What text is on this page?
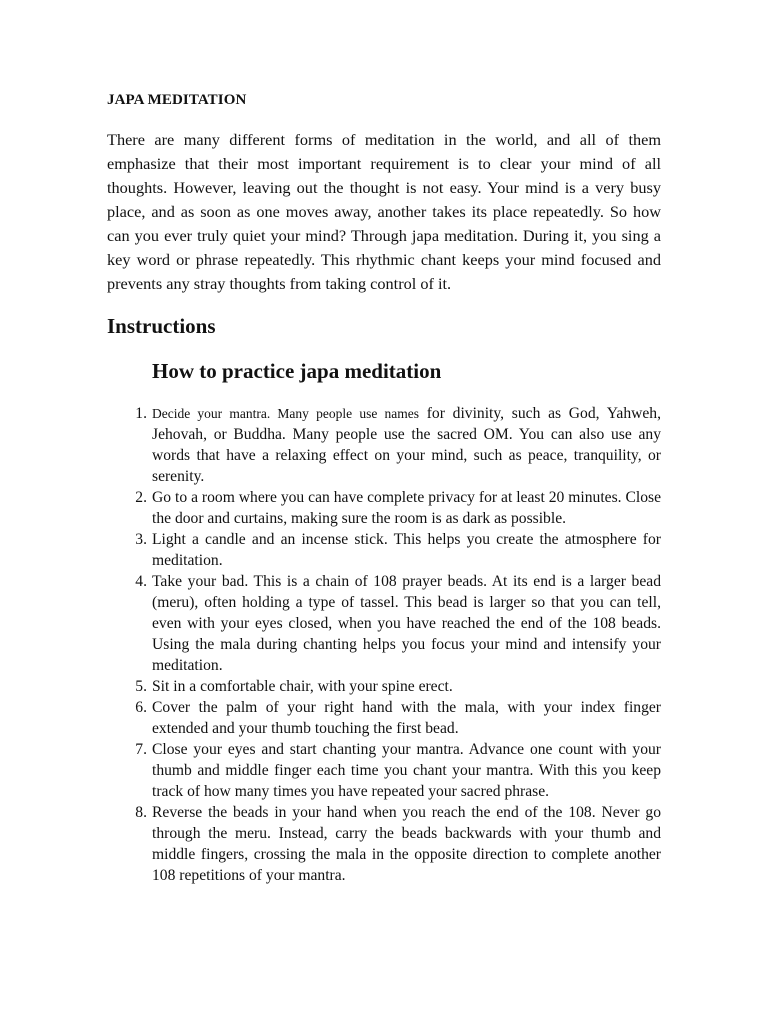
JAPA MEDITATION

There are many different forms of meditation in the world, and all of them emphasize that their most important requirement is to clear your mind of all thoughts. However, leaving out the thought is not easy. Your mind is a very busy place, and as soon as one moves away, another takes its place repeatedly. So how can you ever truly quiet your mind? Through japa meditation. During it, you sing a key word or phrase repeatedly. This rhythmic chant keeps your mind focused and prevents any stray thoughts from taking control of it.

Instructions
How to practice japa meditation
1. Decide your mantra. Many people use names for divinity, such as God, Yahweh, Jehovah, or Buddha. Many people use the sacred OM. You can also use any words that have a relaxing effect on your mind, such as peace, tranquility, or serenity.
2. Go to a room where you can have complete privacy for at least 20 minutes. Close the door and curtains, making sure the room is as dark as possible.
3. Light a candle and an incense stick. This helps you create the atmosphere for meditation.
4. Take your bad. This is a chain of 108 prayer beads. At its end is a larger bead (meru), often holding a type of tassel. This bead is larger so that you can tell, even with your eyes closed, when you have reached the end of the 108 beads. Using the mala during chanting helps you focus your mind and intensify your meditation.
5. Sit in a comfortable chair, with your spine erect.
6. Cover the palm of your right hand with the mala, with your index finger extended and your thumb touching the first bead.
7. Close your eyes and start chanting your mantra. Advance one count with your thumb and middle finger each time you chant your mantra. With this you keep track of how many times you have repeated your sacred phrase.
8. Reverse the beads in your hand when you reach the end of the 108. Never go through the meru. Instead, carry the beads backwards with your thumb and middle fingers, crossing the mala in the opposite direction to complete another 108 repetitions of your mantra.
